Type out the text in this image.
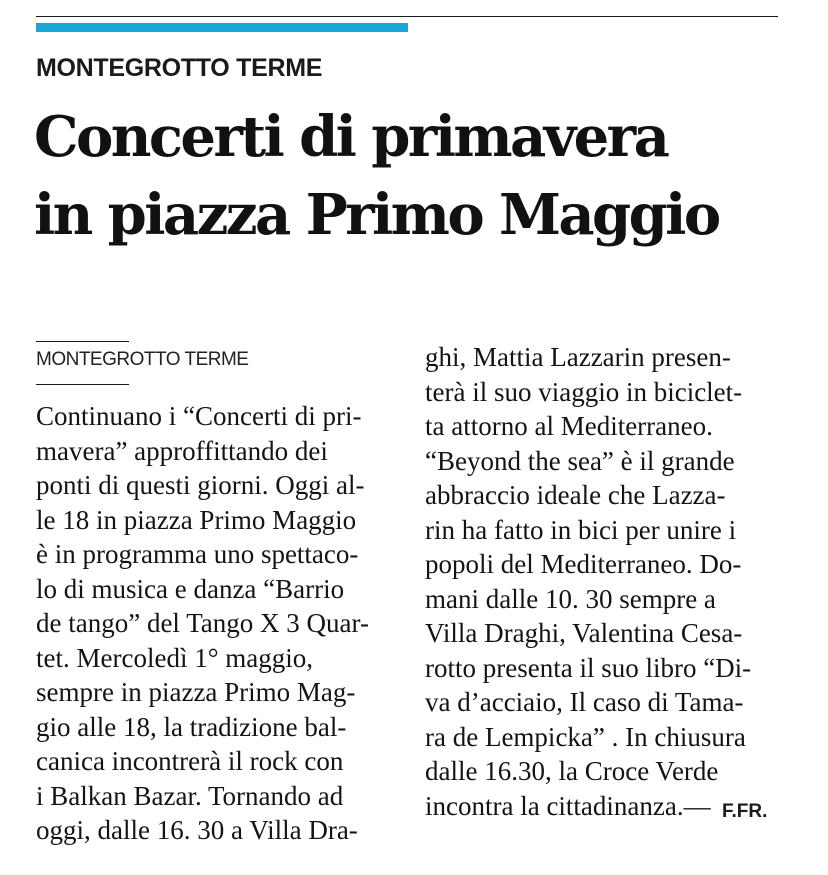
MONTEGROTTO TERME
Concerti di primavera
in piazza Primo Maggio
MONTEGROTTO TERME
Continuano i “Concerti di pri-
mavera” approffittando dei
ponti di questi giorni. Oggi al-
le 18 in piazza Primo Maggio
è in programma uno spettaco-
lo di musica e danza “Barrio
de tango” del Tango X 3 Quar-
tet. Mercoledì 1° maggio,
sempre in piazza Primo Mag-
gio alle 18, la tradizione bal-
canica incontrerà il rock con
i Balkan Bazar. Tornando ad
oggi, dalle 16. 30 a Villa Dra-
ghi, Mattia Lazzarin presen-
terà il suo viaggio in biciclet-
ta attorno al Mediterraneo.
“Beyond the sea” è il grande
abbraccio ideale che Lazza-
rin ha fatto in bici per unire i
popoli del Mediterraneo. Do-
mani dalle 10. 30 sempre a
Villa Draghi, Valentina Cesa-
rotto presenta il suo libro “Di-
va d’acciaio, Il caso di Tama-
ra de Lempicka” . In chiusura
dalle 16.30, la Croce Verde
incontra la cittadinanza.— F.FR.
